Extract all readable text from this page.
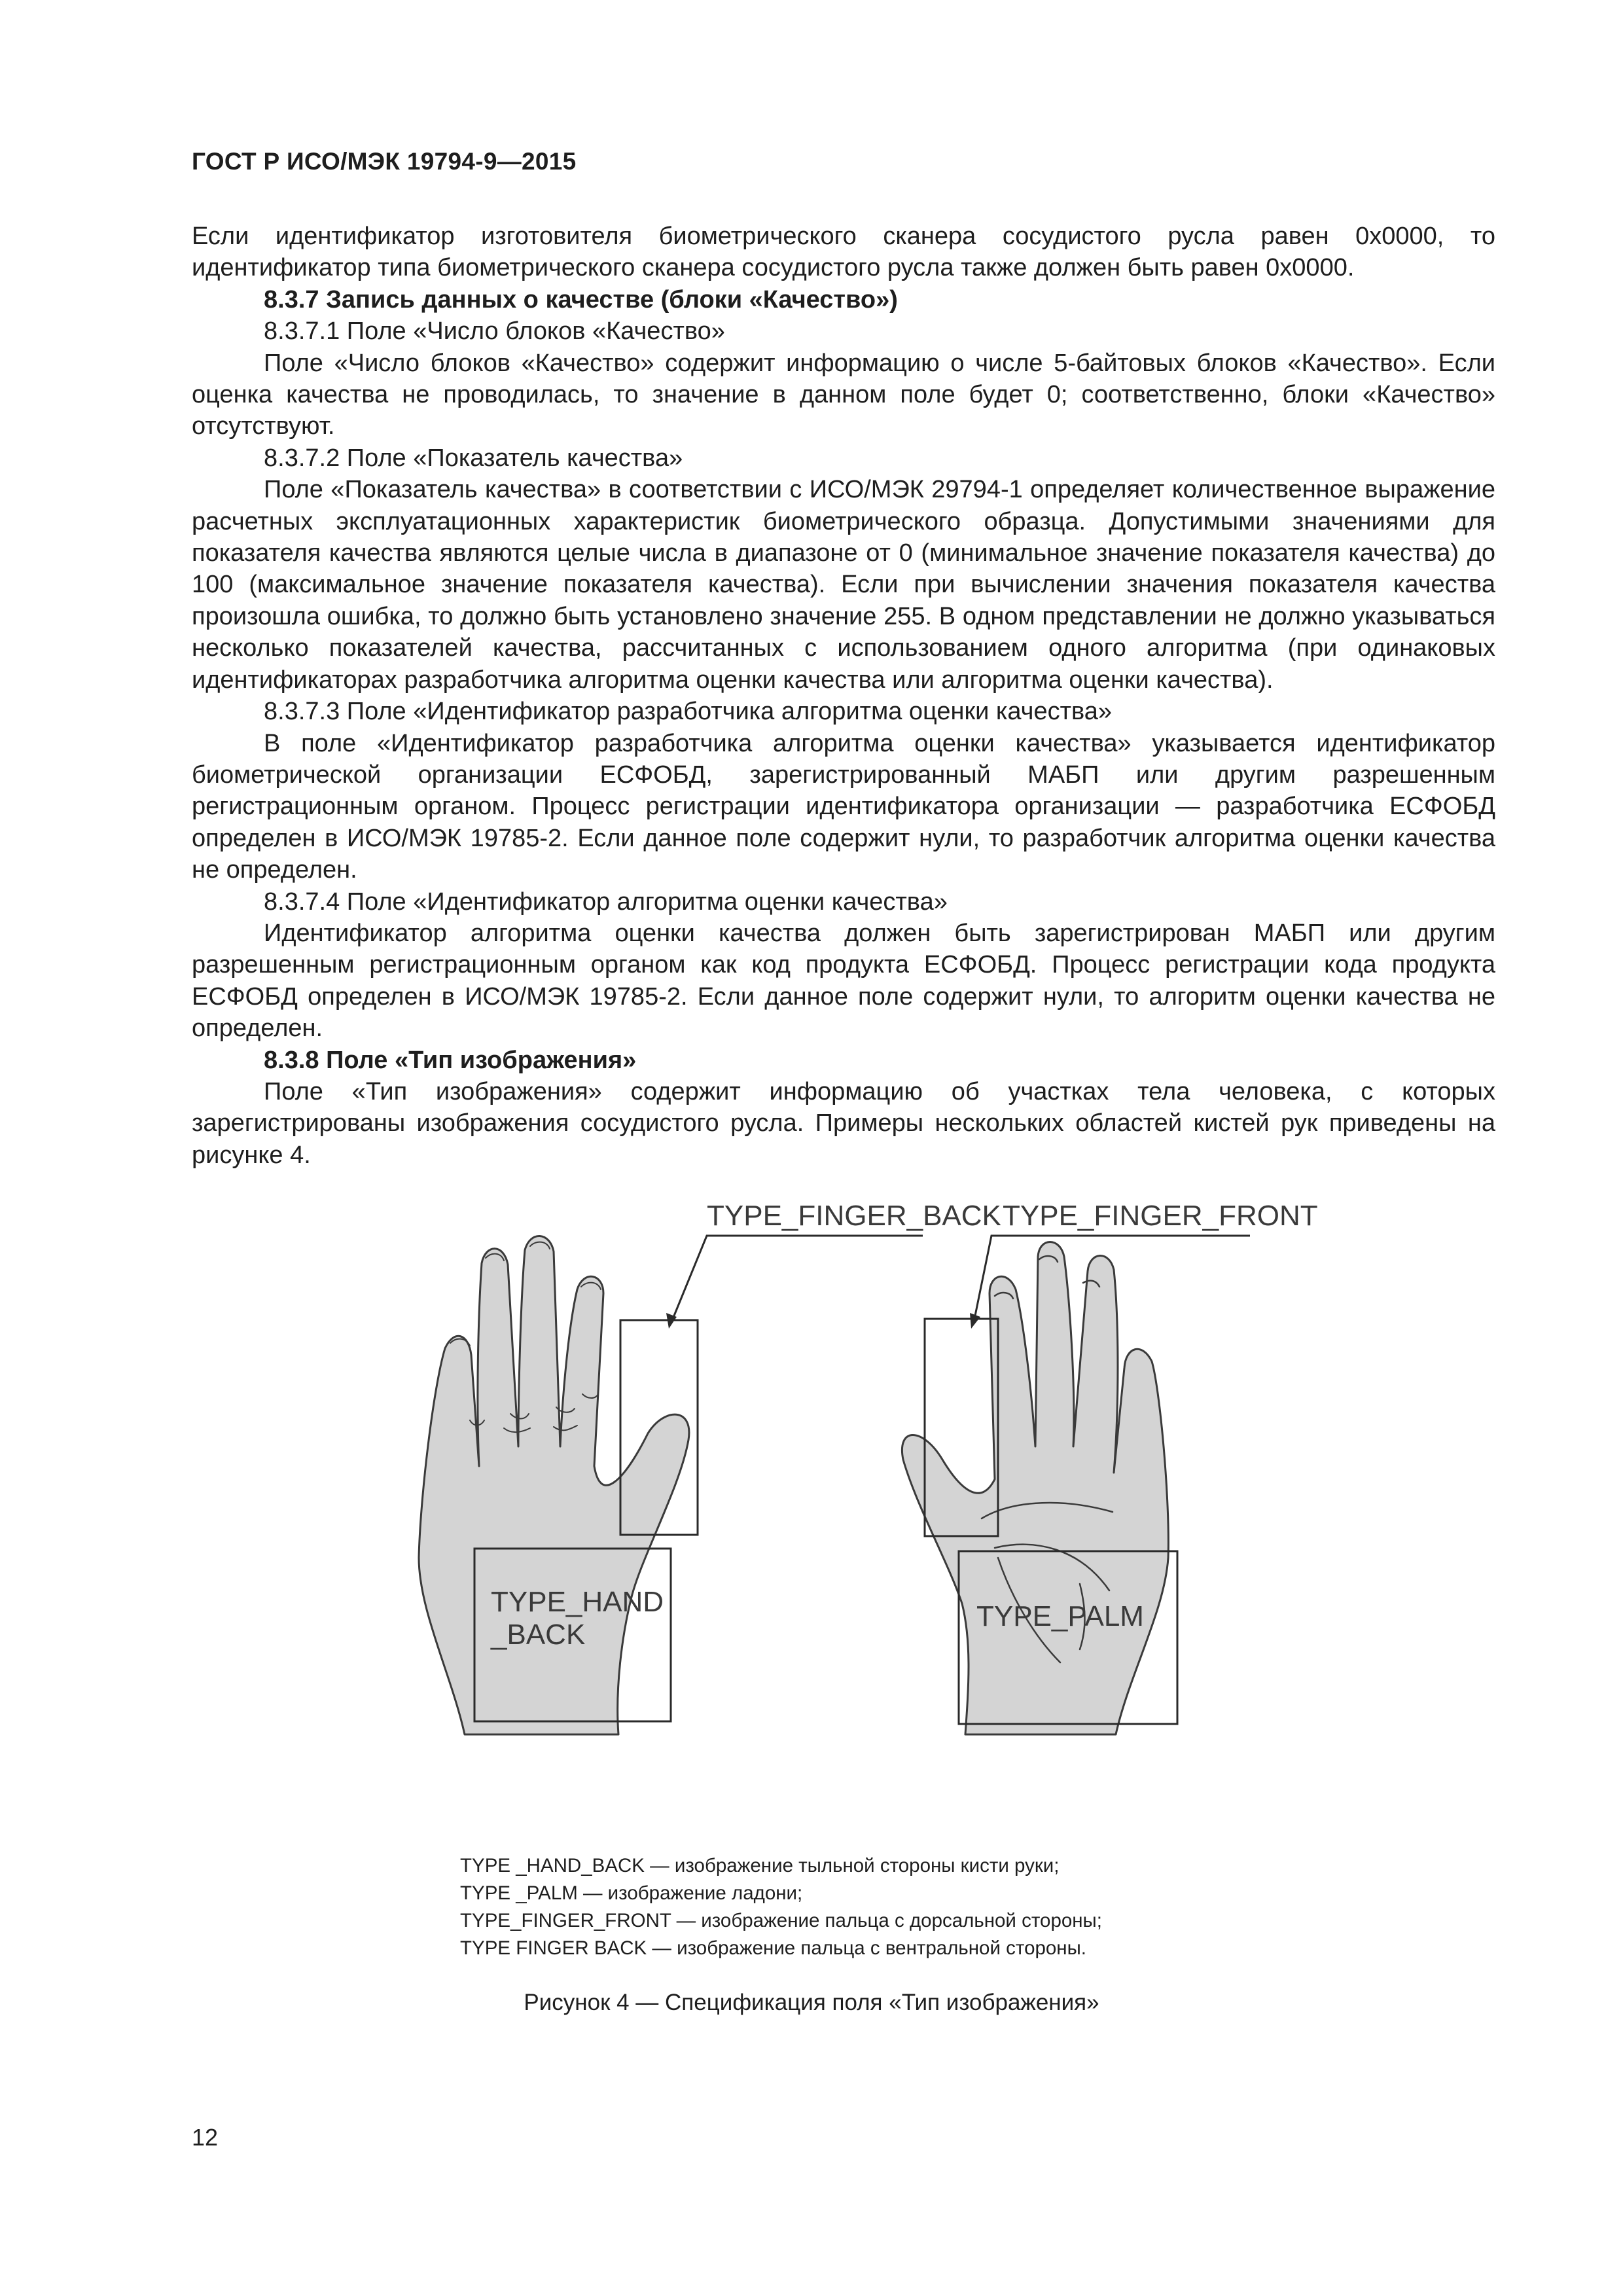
ГОСТ Р ИСО/МЭК 19794-9—2015

Если идентификатор изготовителя биометрического сканера сосудистого русла равен 0x0000, то идентификатор типа биометрического сканера сосудистого русла также должен быть равен 0x0000.

8.3.7 Запись данных о качестве (блоки «Качество»)

8.3.7.1 Поле «Число блоков «Качество»

Поле «Число блоков «Качество» содержит информацию о числе 5-байтовых блоков «Качество». Если оценка качества не проводилась, то значение в данном поле будет 0; соответственно, блоки «Качество» отсутствуют.

8.3.7.2 Поле «Показатель качества»

Поле «Показатель качества» в соответствии с ИСО/МЭК 29794-1 определяет количественное выражение расчетных эксплуатационных характеристик биометрического образца. Допустимыми значениями для показателя качества являются целые числа в диапазоне от 0 (минимальное значение показателя качества) до 100 (максимальное значение показателя качества). Если при вычислении значения показателя качества произошла ошибка, то должно быть установлено значение 255. В одном представлении не должно указываться несколько показателей качества, рассчитанных с использованием одного алгоритма (при одинаковых идентификаторах разработчика алгоритма оценки качества или алгоритма оценки качества).

8.3.7.3 Поле «Идентификатор разработчика алгоритма оценки качества»

В поле «Идентификатор разработчика алгоритма оценки качества» указывается идентификатор биометрической организации ЕСФОБД, зарегистрированный МАБП или другим разрешенным регистрационным органом. Процесс регистрации идентификатора организации — разработчика ЕСФОБД определен в ИСО/МЭК 19785-2. Если данное поле содержит нули, то разработчик алгоритма оценки качества не определен.

8.3.7.4 Поле «Идентификатор алгоритма оценки качества»

Идентификатор алгоритма оценки качества должен быть зарегистрирован МАБП или другим разрешенным регистрационным органом как код продукта ЕСФОБД. Процесс регистрации кода продукта ЕСФОБД определен в ИСО/МЭК 19785-2. Если данное поле содержит нули, то алгоритм оценки качества не определен.

8.3.8 Поле «Тип изображения»

Поле «Тип изображения» содержит информацию об участках тела человека, с которых зарегистрированы изображения сосудистого русла. Примеры нескольких областей кистей рук приведены на рисунке 4.

TYPE_FINGER_BACK TYPE_FINGER_FRONT
TYPE_HAND
_BACK
TYPE_PALM
TYPE _HAND_BACK — изображение тыльной стороны кисти руки;
TYPE _PALM — изображение ладони;
TYPE_FINGER_FRONT — изображение пальца с дорсальной стороны;
TYPE FINGER BACK — изображение пальца с вентральной стороны.
Рисунок 4 — Спецификация поля «Тип изображения»
12
